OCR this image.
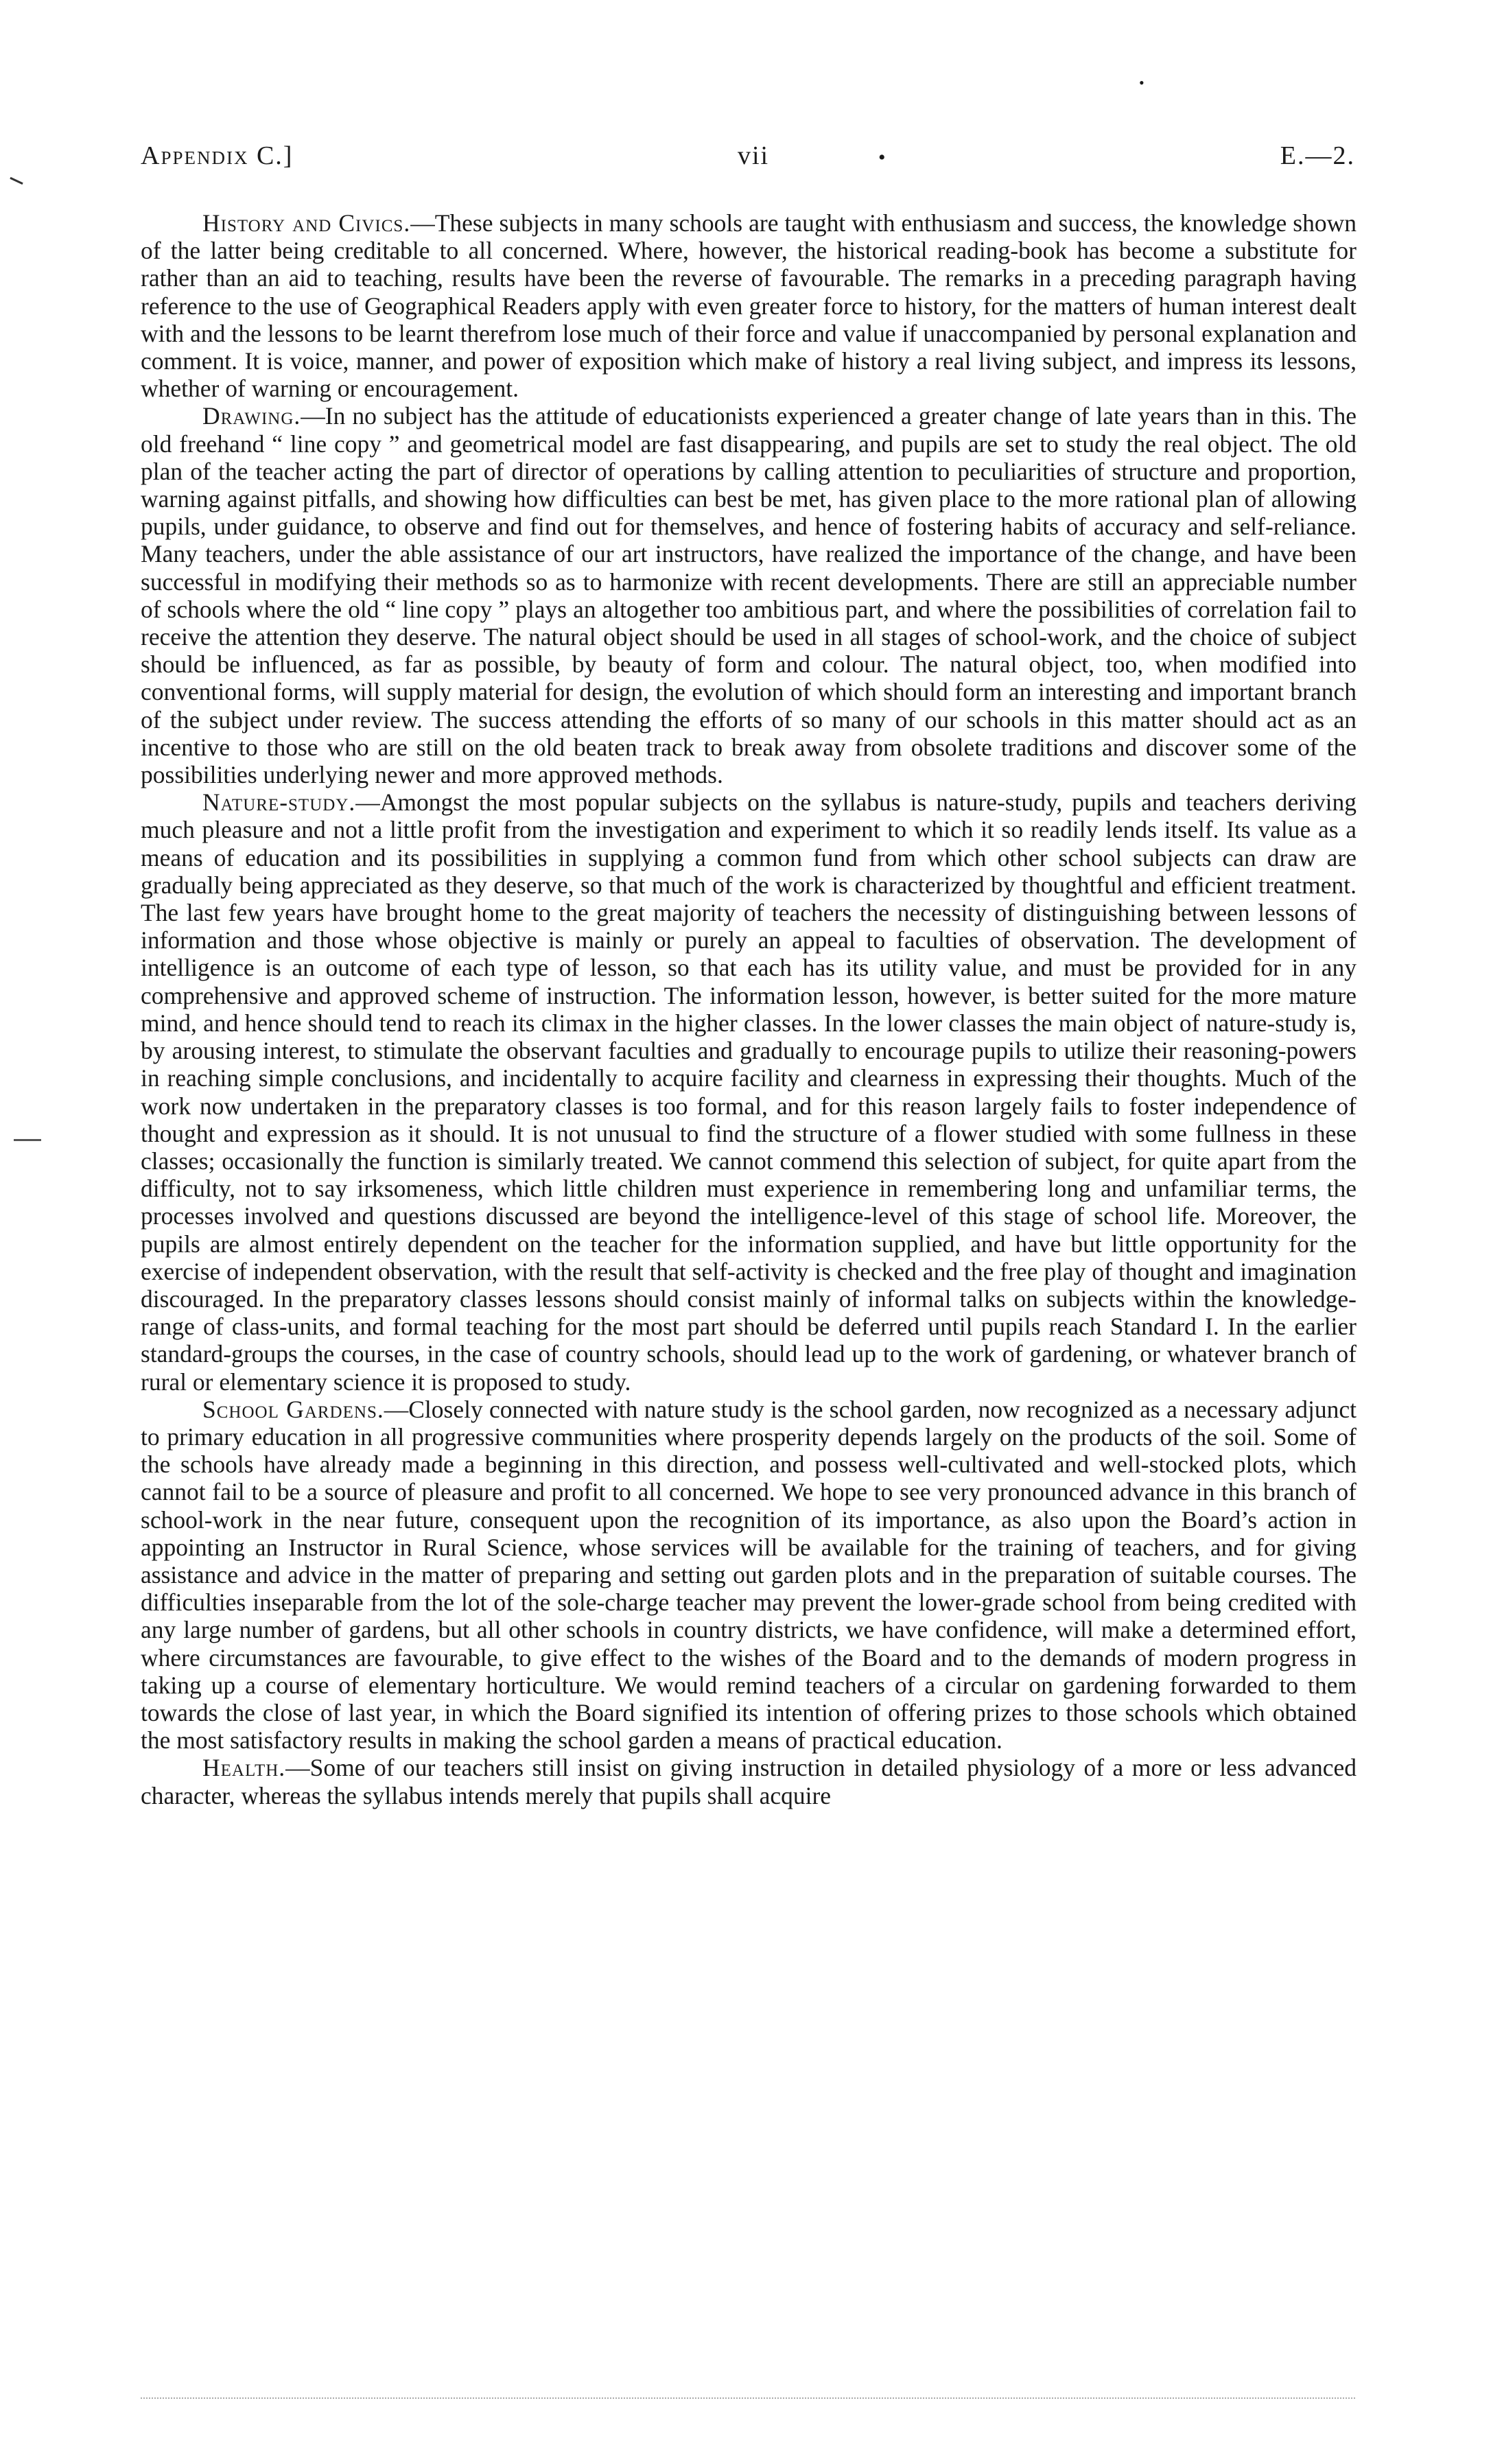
•
Appendix C.]	vii	•	E.—2.

History and Civics.—These subjects in many schools are taught with enthusiasm and success, the knowledge shown of the latter being creditable to all concerned. Where, however, the historical reading-book has become a substitute for rather than an aid to teaching, results have been the reverse of favourable. The remarks in a preceding paragraph having reference to the use of Geographical Readers apply with even greater force to history, for the matters of human interest dealt with and the lessons to be learnt therefrom lose much of their force and value if unaccompanied by personal explanation and comment. It is voice, manner, and power of exposition which make of history a real living subject, and impress its lessons, whether of warning or encouragement.

Drawing.—In no subject has the attitude of educationists experienced a greater change of late years than in this. The old freehand “ line copy ” and geometrical model are fast disappearing, and pupils are set to study the real object. The old plan of the teacher acting the part of director of operations by calling attention to peculiarities of structure and proportion, warning against pitfalls, and showing how difficulties can best be met, has given place to the more rational plan of allowing pupils, under guidance, to observe and find out for themselves, and hence of fostering habits of accuracy and self-reliance. Many teachers, under the able assistance of our art instructors, have realized the importance of the change, and have been successful in modifying their methods so as to harmonize with recent developments. There are still an appreciable number of schools where the old “ line copy ” plays an altogether too ambitious part, and where the possibilities of correlation fail to receive the attention they deserve. The natural object should be used in all stages of school-work, and the choice of subject should be influenced, as far as possible, by beauty of form and colour. The natural object, too, when modified into conventional forms, will supply material for design, the evolution of which should form an interesting and important branch of the subject under review. The success attending the efforts of so many of our schools in this matter should act as an incentive to those who are still on the old beaten track to break away from obsolete traditions and discover some of the possibilities underlying newer and more approved methods.

Nature-study.—Amongst the most popular subjects on the syllabus is nature-study, pupils and teachers deriving much pleasure and not a little profit from the investigation and experiment to which it so readily lends itself. Its value as a means of education and its possibilities in supplying a common fund from which other school subjects can draw are gradually being appreciated as they deserve, so that much of the work is characterized by thoughtful and efficient treatment. The last few years have brought home to the great majority of teachers the necessity of distinguishing between lessons of information and those whose objective is mainly or purely an appeal to faculties of observation. The development of intelligence is an outcome of each type of lesson, so that each has its utility value, and must be provided for in any comprehensive and approved scheme of instruction. The information lesson, however, is better suited for the more mature mind, and hence should tend to reach its climax in the higher classes. In the lower classes the main object of nature-study is, by arousing interest, to stimulate the observant faculties and gradually to encourage pupils to utilize their reasoning-powers in reaching simple conclusions, and incidentally to acquire facility and clearness in expressing their thoughts. Much of the work now undertaken in the preparatory classes is too formal, and for this reason largely fails to foster independence of thought and expression as it should. It is not unusual to find the structure of a flower studied with some fullness in these classes; occasionally the function is similarly treated. We cannot commend this selection of subject, for quite apart from the difficulty, not to say irksomeness, which little children must experience in remembering long and unfamiliar terms, the processes involved and questions discussed are beyond the intelligence-level of this stage of school life. Moreover, the pupils are almost entirely dependent on the teacher for the information supplied, and have but little opportunity for the exercise of independent observation, with the result that self-activity is checked and the free play of thought and imagination discouraged. In the preparatory classes lessons should consist mainly of informal talks on subjects within the knowledge-range of class-units, and formal teaching for the most part should be deferred until pupils reach Standard I. In the earlier standard-groups the courses, in the case of country schools, should lead up to the work of gardening, or whatever branch of rural or elementary science it is proposed to study.

School Gardens.—Closely connected with nature study is the school garden, now recognized as a necessary adjunct to primary education in all progressive communities where prosperity depends largely on the products of the soil. Some of the schools have already made a beginning in this direction, and possess well-cultivated and well-stocked plots, which cannot fail to be a source of pleasure and profit to all concerned. We hope to see very pronounced advance in this branch of school-work in the near future, consequent upon the recognition of its importance, as also upon the Board’s action in appointing an Instructor in Rural Science, whose services will be available for the training of teachers, and for giving assistance and advice in the matter of preparing and setting out garden plots and in the preparation of suitable courses. The difficulties inseparable from the lot of the sole-charge teacher may prevent the lower-grade school from being credited with any large number of gardens, but all other schools in country districts, we have confidence, will make a determined effort, where circumstances are favourable, to give effect to the wishes of the Board and to the demands of modern progress in taking up a course of elementary horticulture. We would remind teachers of a circular on gardening forwarded to them towards the close of last year, in which the Board signified its intention of offering prizes to those schools which obtained the most satisfactory results in making the school garden a means of practical education.

Health.—Some of our teachers still insist on giving instruction in detailed physiology of a more or less advanced character, whereas the syllabus intends merely that pupils shall acquire
